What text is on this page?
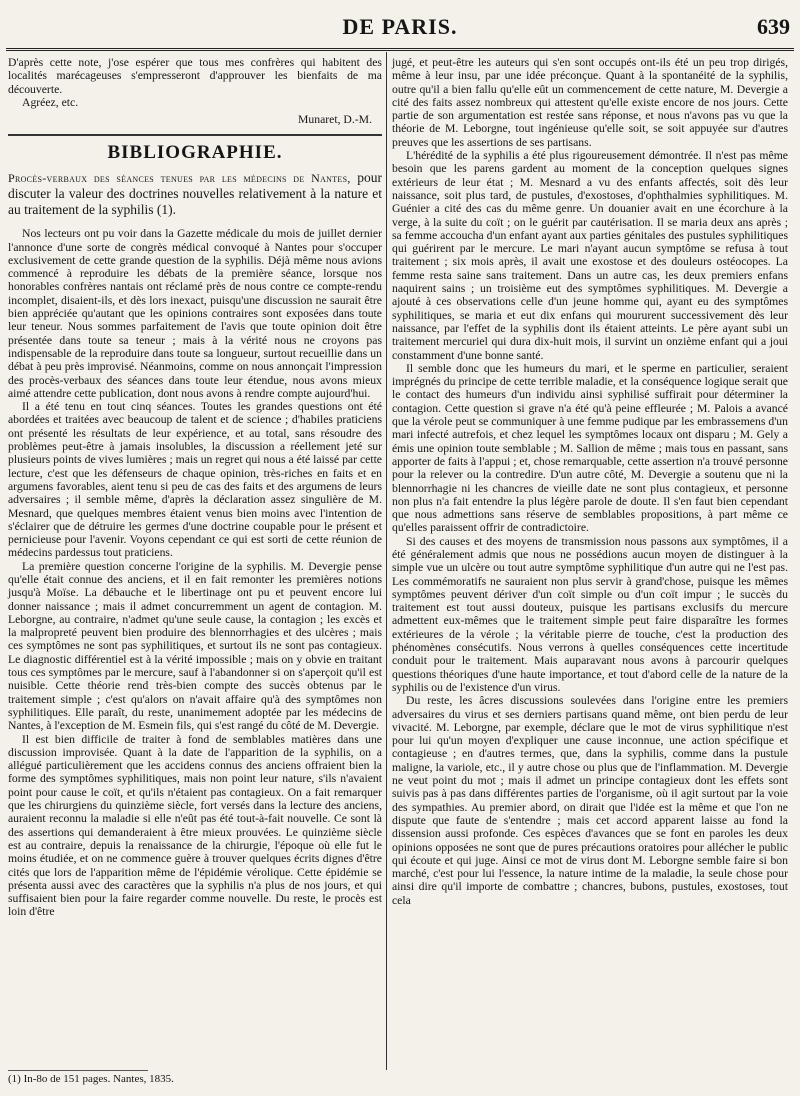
DE PARIS.	639

D'après cette note, j'ose espérer que tous mes confrères qui habitent des localités marécageuses s'empresseront d'approuver les bienfaits de ma découverte.

Agréez, etc.

Munaret, D.-M.
BIBLIOGRAPHIE.

Procès-verbaux des séances tenues par les médecins de Nantes, pour discuter la valeur des doctrines nouvelles relativement à la nature et au traitement de la syphilis (1).

Nos lecteurs ont pu voir dans la Gazette médicale du mois de juillet dernier l'annonce d'une sorte de congrès médical convoqué à Nantes pour s'occuper exclusivement de cette grande question de la syphilis. Déjà même nous avions commencé à reproduire les débats de la première séance, lorsque nos honorables confrères nantais ont réclamé près de nous contre ce compte-rendu incomplet, disaient-ils, et dès lors inexact, puisqu'une discussion ne saurait être bien appréciée qu'autant que les opinions contraires sont exposées dans toute leur teneur. Nous sommes parfaitement de l'avis que toute opinion doit être présentée dans toute sa teneur ; mais à la vérité nous ne croyons pas indispensable de la reproduire dans toute sa longueur, surtout recueillie dans un débat à peu près improvisé. Néanmoins, comme on nous annonçait l'impression des procès-verbaux des séances dans toute leur étendue, nous avons mieux aimé attendre cette publication, dont nous avons à rendre compte aujourd'hui.

Il a été tenu en tout cinq séances. Toutes les grandes questions ont été abordées et traitées avec beaucoup de talent et de science ; d'habiles praticiens ont présenté les résultats de leur expérience, et au total, sans résoudre des problèmes peut-être à jamais insolubles, la discussion a réellement jeté sur plusieurs points de vives lumières ; mais un regret qui nous a été laissé par cette lecture, c'est que les défenseurs de chaque opinion, très-riches en faits et en argumens favorables, aient tenu si peu de cas des faits et des argumens de leurs adversaires ; il semble même, d'après la déclaration assez singulière de M. Mesnard, que quelques membres étaient venus bien moins avec l'intention de s'éclairer que de détruire les germes d'une doctrine coupable pour le présent et pernicieuse pour l'avenir. Voyons cependant ce qui est sorti de cette réunion de médecins pardessus tout praticiens.

La première question concerne l'origine de la syphilis. M. Devergie pense qu'elle était connue des anciens, et il en fait remonter les premières notions jusqu'à Moïse. La débauche et le libertinage ont pu et peuvent encore lui donner naissance ; mais il admet concurremment un agent de contagion. M. Leborgne, au contraire, n'admet qu'une seule cause, la contagion ; les excès et la malpropreté peuvent bien produire des blennorrhagies et des ulcères ; mais ces symptômes ne sont pas syphilitiques, et surtout ils ne sont pas contagieux. Le diagnostic différentiel est à la vérité impossible ; mais on y obvie en traitant tous ces symptômes par le mercure, sauf à l'abandonner si on s'aperçoit qu'il est nuisible. Cette théorie rend très-bien compte des succès obtenus par le traitement simple ; c'est qu'alors on n'avait affaire qu'à des symptômes non syphilitiques. Elle paraît, du reste, unanimement adoptée par les médecins de Nantes, à l'exception de M. Esmein fils, qui s'est rangé du côté de M. Devergie.

Il est bien difficile de traiter à fond de semblables matières dans une discussion improvisée. Quant à la date de l'apparition de la syphilis, on a allégué particulièrement que les accidens connus des anciens offraient bien la forme des symptômes syphilitiques, mais non point leur nature, s'ils n'avaient point pour cause le coït, et qu'ils n'étaient pas contagieux. On a fait remarquer que les chirurgiens du quinzième siècle, fort versés dans la lecture des anciens, auraient reconnu la maladie si elle n'eût pas été tout-à-fait nouvelle. Ce sont là des assertions qui demanderaient à être mieux prouvées. Le quinzième siècle est au contraire, depuis la renaissance de la chirurgie, l'époque où elle fut le moins étudiée, et on ne commence guère à trouver quelques écrits dignes d'être cités que lors de l'apparition même de l'épidémie vérolique. Cette épidémie se présenta aussi avec des caractères que la syphilis n'a plus de nos jours, et qui suffisaient bien pour la faire regarder comme nouvelle. Du reste, le procès est loin d'être

jugé, et peut-être les auteurs qui s'en sont occupés ont-ils été un peu trop dirigés, même à leur insu, par une idée préconçue. Quant à la spontanéité de la syphilis, outre qu'il a bien fallu qu'elle eût un commencement de cette nature, M. Devergie a cité des faits assez nombreux qui attestent qu'elle existe encore de nos jours. Cette partie de son argumentation est restée sans réponse, et nous n'avons pas vu que la théorie de M. Leborgne, tout ingénieuse qu'elle soit, se soit appuyée sur d'autres preuves que les assertions de ses partisans.

L'hérédité de la syphilis a été plus rigoureusement démontrée. Il n'est pas même besoin que les parens gardent au moment de la conception quelques signes extérieurs de leur état ; M. Mesnard a vu des enfants affectés, soit dès leur naissance, soit plus tard, de pustules, d'exostoses, d'ophthalmies syphilitiques. M. Guénier a cité des cas du même genre. Un douanier avait en une écorchure à la verge, à la suite du coït ; on le guérit par cautérisation. Il se maria deux ans après ; sa femme accoucha d'un enfant ayant aux parties génitales des pustules syphilitiques qui guérirent par le mercure. Le mari n'ayant aucun symptôme se refusa à tout traitement ; six mois après, il avait une exostose et des douleurs ostéocopes. La femme resta saine sans traitement. Dans un autre cas, les deux premiers enfans naquirent sains ; un troisième eut des symptômes syphilitiques. M. Devergie a ajouté à ces observations celle d'un jeune homme qui, ayant eu des symptômes syphilitiques, se maria et eut dix enfans qui moururent successivement dès leur naissance, par l'effet de la syphilis dont ils étaient atteints. Le père ayant subi un traitement mercuriel qui dura dix-huit mois, il survint un onzième enfant qui a joui constamment d'une bonne santé.

Il semble donc que les humeurs du mari, et le sperme en particulier, seraient imprégnés du principe de cette terrible maladie, et la conséquence logique serait que le contact des humeurs d'un individu ainsi syphilisé suffirait pour déterminer la contagion. Cette question si grave n'a été qu'à peine effleurée ; M. Palois a avancé que la vérole peut se communiquer à une femme pudique par les embrassemens d'un mari infecté autrefois, et chez lequel les symptômes locaux ont disparu ; M. Gely a émis une opinion toute semblable ; M. Sallion de même ; mais tous en passant, sans apporter de faits à l'appui ; et, chose remarquable, cette assertion n'a trouvé personne pour la relever ou la contredire. D'un autre côté, M. Devergie a soutenu que ni la blennorrhagie ni les chancres de vieille date ne sont plus contagieux, et personne non plus n'a fait entendre la plus légère parole de doute. Il s'en faut bien cependant que nous admettions sans réserve de semblables propositions, à part même ce qu'elles paraissent offrir de contradictoire.

Si des causes et des moyens de transmission nous passons aux symptômes, il a été généralement admis que nous ne possédions aucun moyen de distinguer à la simple vue un ulcère ou tout autre symptôme syphilitique d'un autre qui ne l'est pas. Les commémoratifs ne sauraient non plus servir à grand'chose, puisque les mêmes symptômes peuvent dériver d'un coït simple ou d'un coït impur ; le succès du traitement est tout aussi douteux, puisque les partisans exclusifs du mercure admettent eux-mêmes que le traitement simple peut faire disparaître les formes extérieures de la vérole ; la véritable pierre de touche, c'est la production des phénomènes consécutifs. Nous verrons à quelles conséquences cette incertitude conduit pour le traitement. Mais auparavant nous avons à parcourir quelques questions théoriques d'une haute importance, et tout d'abord celle de la nature de la syphilis ou de l'existence d'un virus.

Du reste, les âcres discussions soulevées dans l'origine entre les premiers adversaires du virus et ses derniers partisans quand même, ont bien perdu de leur vivacité. M. Leborgne, par exemple, déclare que le mot de virus syphilitique n'est pour lui qu'un moyen d'expliquer une cause inconnue, une action spécifique et contagieuse ; en d'autres termes, que, dans la syphilis, comme dans la pustule maligne, la variole, etc., il y autre chose ou plus que de l'inflammation. M. Devergie ne veut point du mot ; mais il admet un principe contagieux dont les effets sont suivis pas à pas dans différentes parties de l'organisme, où il agit surtout par la voie des sympathies. Au premier abord, on dirait que l'idée est la même et que l'on ne dispute que faute de s'entendre ; mais cet accord apparent laisse au fond la dissension aussi profonde. Ces espèces d'avances que se font en paroles les deux opinions opposées ne sont que de pures précautions oratoires pour allécher le public qui écoute et qui juge. Ainsi ce mot de virus dont M. Leborgne semble faire si bon marché, c'est pour lui l'essence, la nature intime de la maladie, la seule chose pour ainsi dire qu'il importe de combattre ; chancres, bubons, pustules, exostoses, tout cela

(1) In-8o de 151 pages. Nantes, 1835.
